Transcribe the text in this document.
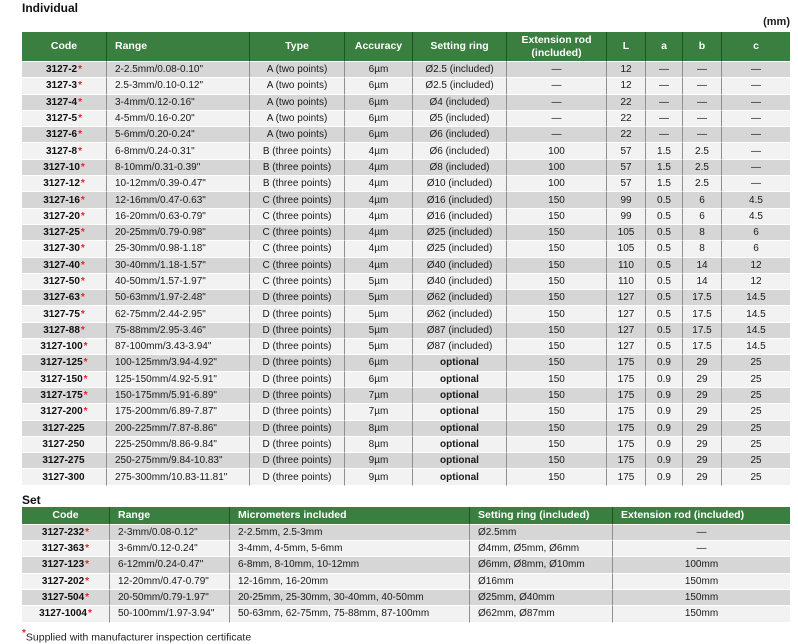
Individual
(mm)
Code	Range	Type	Accuracy	Setting ring	Extension rod (included)	L	a	b	c
3127-2*	2-2.5mm/0.08-0.10"	A (two points)	6µm	Ø2.5 (included)	—	12	—	—	—
3127-3*	2.5-3mm/0.10-0.12"	A (two points)	6µm	Ø2.5 (included)	—	12	—	—	—
3127-4*	3-4mm/0.12-0.16"	A (two points)	6µm	Ø4 (included)	—	22	—	—	—
3127-5*	4-5mm/0.16-0.20"	A (two points)	6µm	Ø5 (included)	—	22	—	—	—
3127-6*	5-6mm/0.20-0.24"	A (two points)	6µm	Ø6 (included)	—	22	—	—	—
3127-8*	6-8mm/0.24-0.31"	B (three points)	4µm	Ø6 (included)	100	57	1.5	2.5	—
3127-10*	8-10mm/0.31-0.39"	B (three points)	4µm	Ø8 (included)	100	57	1.5	2.5	—
3127-12*	10-12mm/0.39-0.47"	B (three points)	4µm	Ø10 (included)	100	57	1.5	2.5	—
3127-16*	12-16mm/0.47-0.63"	C (three points)	4µm	Ø16 (included)	150	99	0.5	6	4.5
3127-20*	16-20mm/0.63-0.79"	C (three points)	4µm	Ø16 (included)	150	99	0.5	6	4.5
3127-25*	20-25mm/0.79-0.98"	C (three points)	4µm	Ø25 (included)	150	105	0.5	8	6
3127-30*	25-30mm/0.98-1.18"	C (three points)	4µm	Ø25 (included)	150	105	0.5	8	6
3127-40*	30-40mm/1.18-1.57"	C (three points)	4µm	Ø40 (included)	150	110	0.5	14	12
3127-50*	40-50mm/1.57-1.97"	C (three points)	5µm	Ø40 (included)	150	110	0.5	14	12
3127-63*	50-63mm/1.97-2.48"	D (three points)	5µm	Ø62 (included)	150	127	0.5	17.5	14.5
3127-75*	62-75mm/2.44-2.95"	D (three points)	5µm	Ø62 (included)	150	127	0.5	17.5	14.5
3127-88*	75-88mm/2.95-3.46"	D (three points)	5µm	Ø87 (included)	150	127	0.5	17.5	14.5
3127-100*	87-100mm/3.43-3.94"	D (three points)	5µm	Ø87 (included)	150	127	0.5	17.5	14.5
3127-125*	100-125mm/3.94-4.92"	D (three points)	6µm	optional	150	175	0.9	29	25
3127-150*	125-150mm/4.92-5.91"	D (three points)	6µm	optional	150	175	0.9	29	25
3127-175*	150-175mm/5.91-6.89"	D (three points)	7µm	optional	150	175	0.9	29	25
3127-200*	175-200mm/6.89-7.87"	D (three points)	7µm	optional	150	175	0.9	29	25
3127-225	200-225mm/7.87-8.86"	D (three points)	8µm	optional	150	175	0.9	29	25
3127-250	225-250mm/8.86-9.84"	D (three points)	8µm	optional	150	175	0.9	29	25
3127-275	250-275mm/9.84-10.83"	D (three points)	9µm	optional	150	175	0.9	29	25
3127-300	275-300mm/10.83-11.81"	D (three points)	9µm	optional	150	175	0.9	29	25
Set
Code	Range	Micrometers included	Setting ring (included)	Extension rod (included)
3127-232*	2-3mm/0.08-0.12"	2-2.5mm, 2.5-3mm	Ø2.5mm	—
3127-363*	3-6mm/0.12-0.24"	3-4mm, 4-5mm, 5-6mm	Ø4mm, Ø5mm, Ø6mm	—
3127-123*	6-12mm/0.24-0.47"	6-8mm, 8-10mm, 10-12mm	Ø6mm, Ø8mm, Ø10mm	100mm
3127-202*	12-20mm/0.47-0.79"	12-16mm, 16-20mm	Ø16mm	150mm
3127-504*	20-50mm/0.79-1.97"	20-25mm, 25-30mm, 30-40mm, 40-50mm	Ø25mm, Ø40mm	150mm
3127-1004*	50-100mm/1.97-3.94"	50-63mm, 62-75mm, 75-88mm, 87-100mm	Ø62mm, Ø87mm	150mm
*Supplied with manufacturer inspection certificate
